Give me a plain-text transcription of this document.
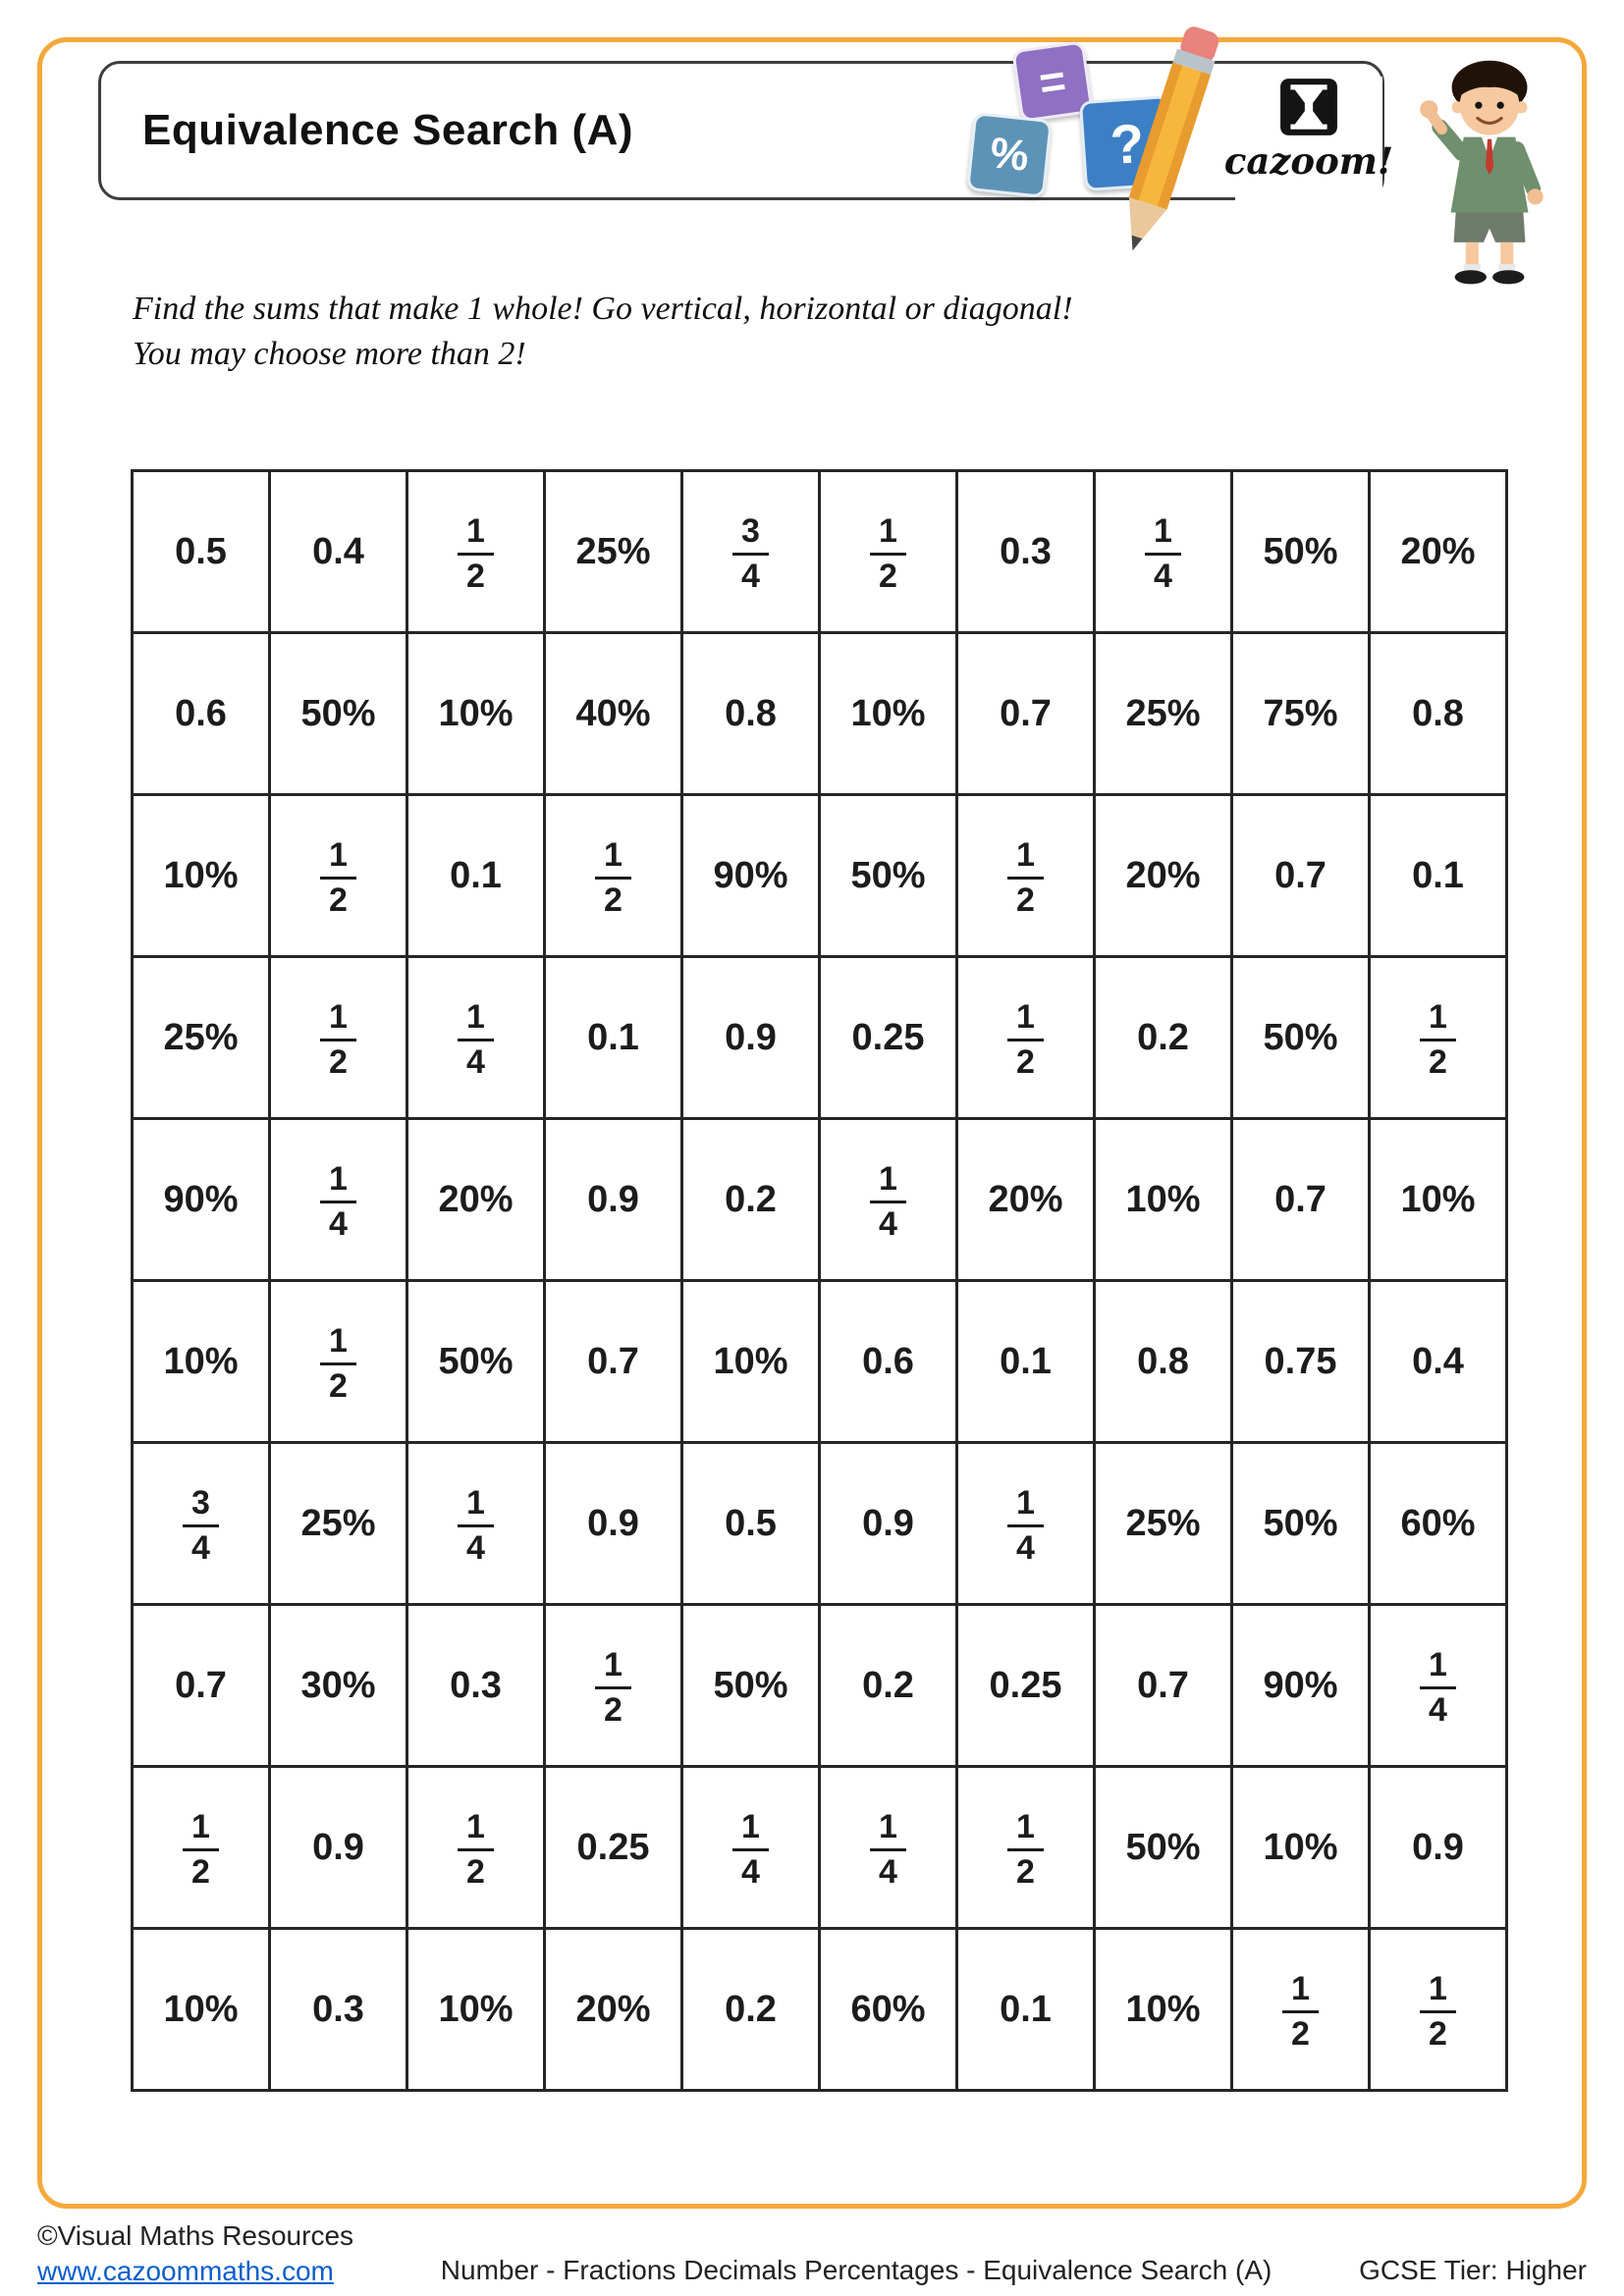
Equivalence Search (A)
=
% ? cazoom!

Find the sums that make 1 whole! Go vertical, horizontal or diagonal!

You may choose more than 2!

0.5	0.4	$\frac{1}{2}$	25%	$\frac{3}{4}$	$\frac{1}{2}$	0.3	$\frac{1}{4}$	50%	20%
0.6	50%	10%	40%	0.8	10%	0.7	25%	75%	0.8
10%	$\frac{1}{2}$	0.1	$\frac{1}{2}$	90%	50%	$\frac{1}{2}$	20%	0.7	0.1
25%	$\frac{1}{2}$	$\frac{1}{4}$	0.1	0.9	0.25	$\frac{1}{2}$	0.2	50%	$\frac{1}{2}$

90%	$\frac{1}{4}$	20%	0.9	0.2	$\frac{1}{4}$	20%	10%	0.7	10%
10%	$\frac{1}{2}$	50%	0.7	10%	0.6	0.1	0.8	0.75	0.4

$\frac{3}{4}$	25%	$\frac{1}{4}$	0.9	0.5	0.9	$\frac{1}{4}$	25%	50%	60%
0.7	30%	0.3	$\frac{1}{2}$	50%	0.2	0.25	0.7	90%	$\frac{1}{4}$

$\frac{1}{2}$	0.9	$\frac{1}{2}$	0.25	$\frac{1}{4}$	$\frac{1}{4}$	$\frac{1}{2}$	50%	10%	0.9
10%	0.3	10%	20%	0.2	60%	0.1	10%	$\frac{1}{2}$	$\frac{1}{2}$
©Visual Maths Resources
www.cazoommaths.com	Number - Fractions Decimals Percentages - Equivalence Search (A)	GCSE Tier: Higher
